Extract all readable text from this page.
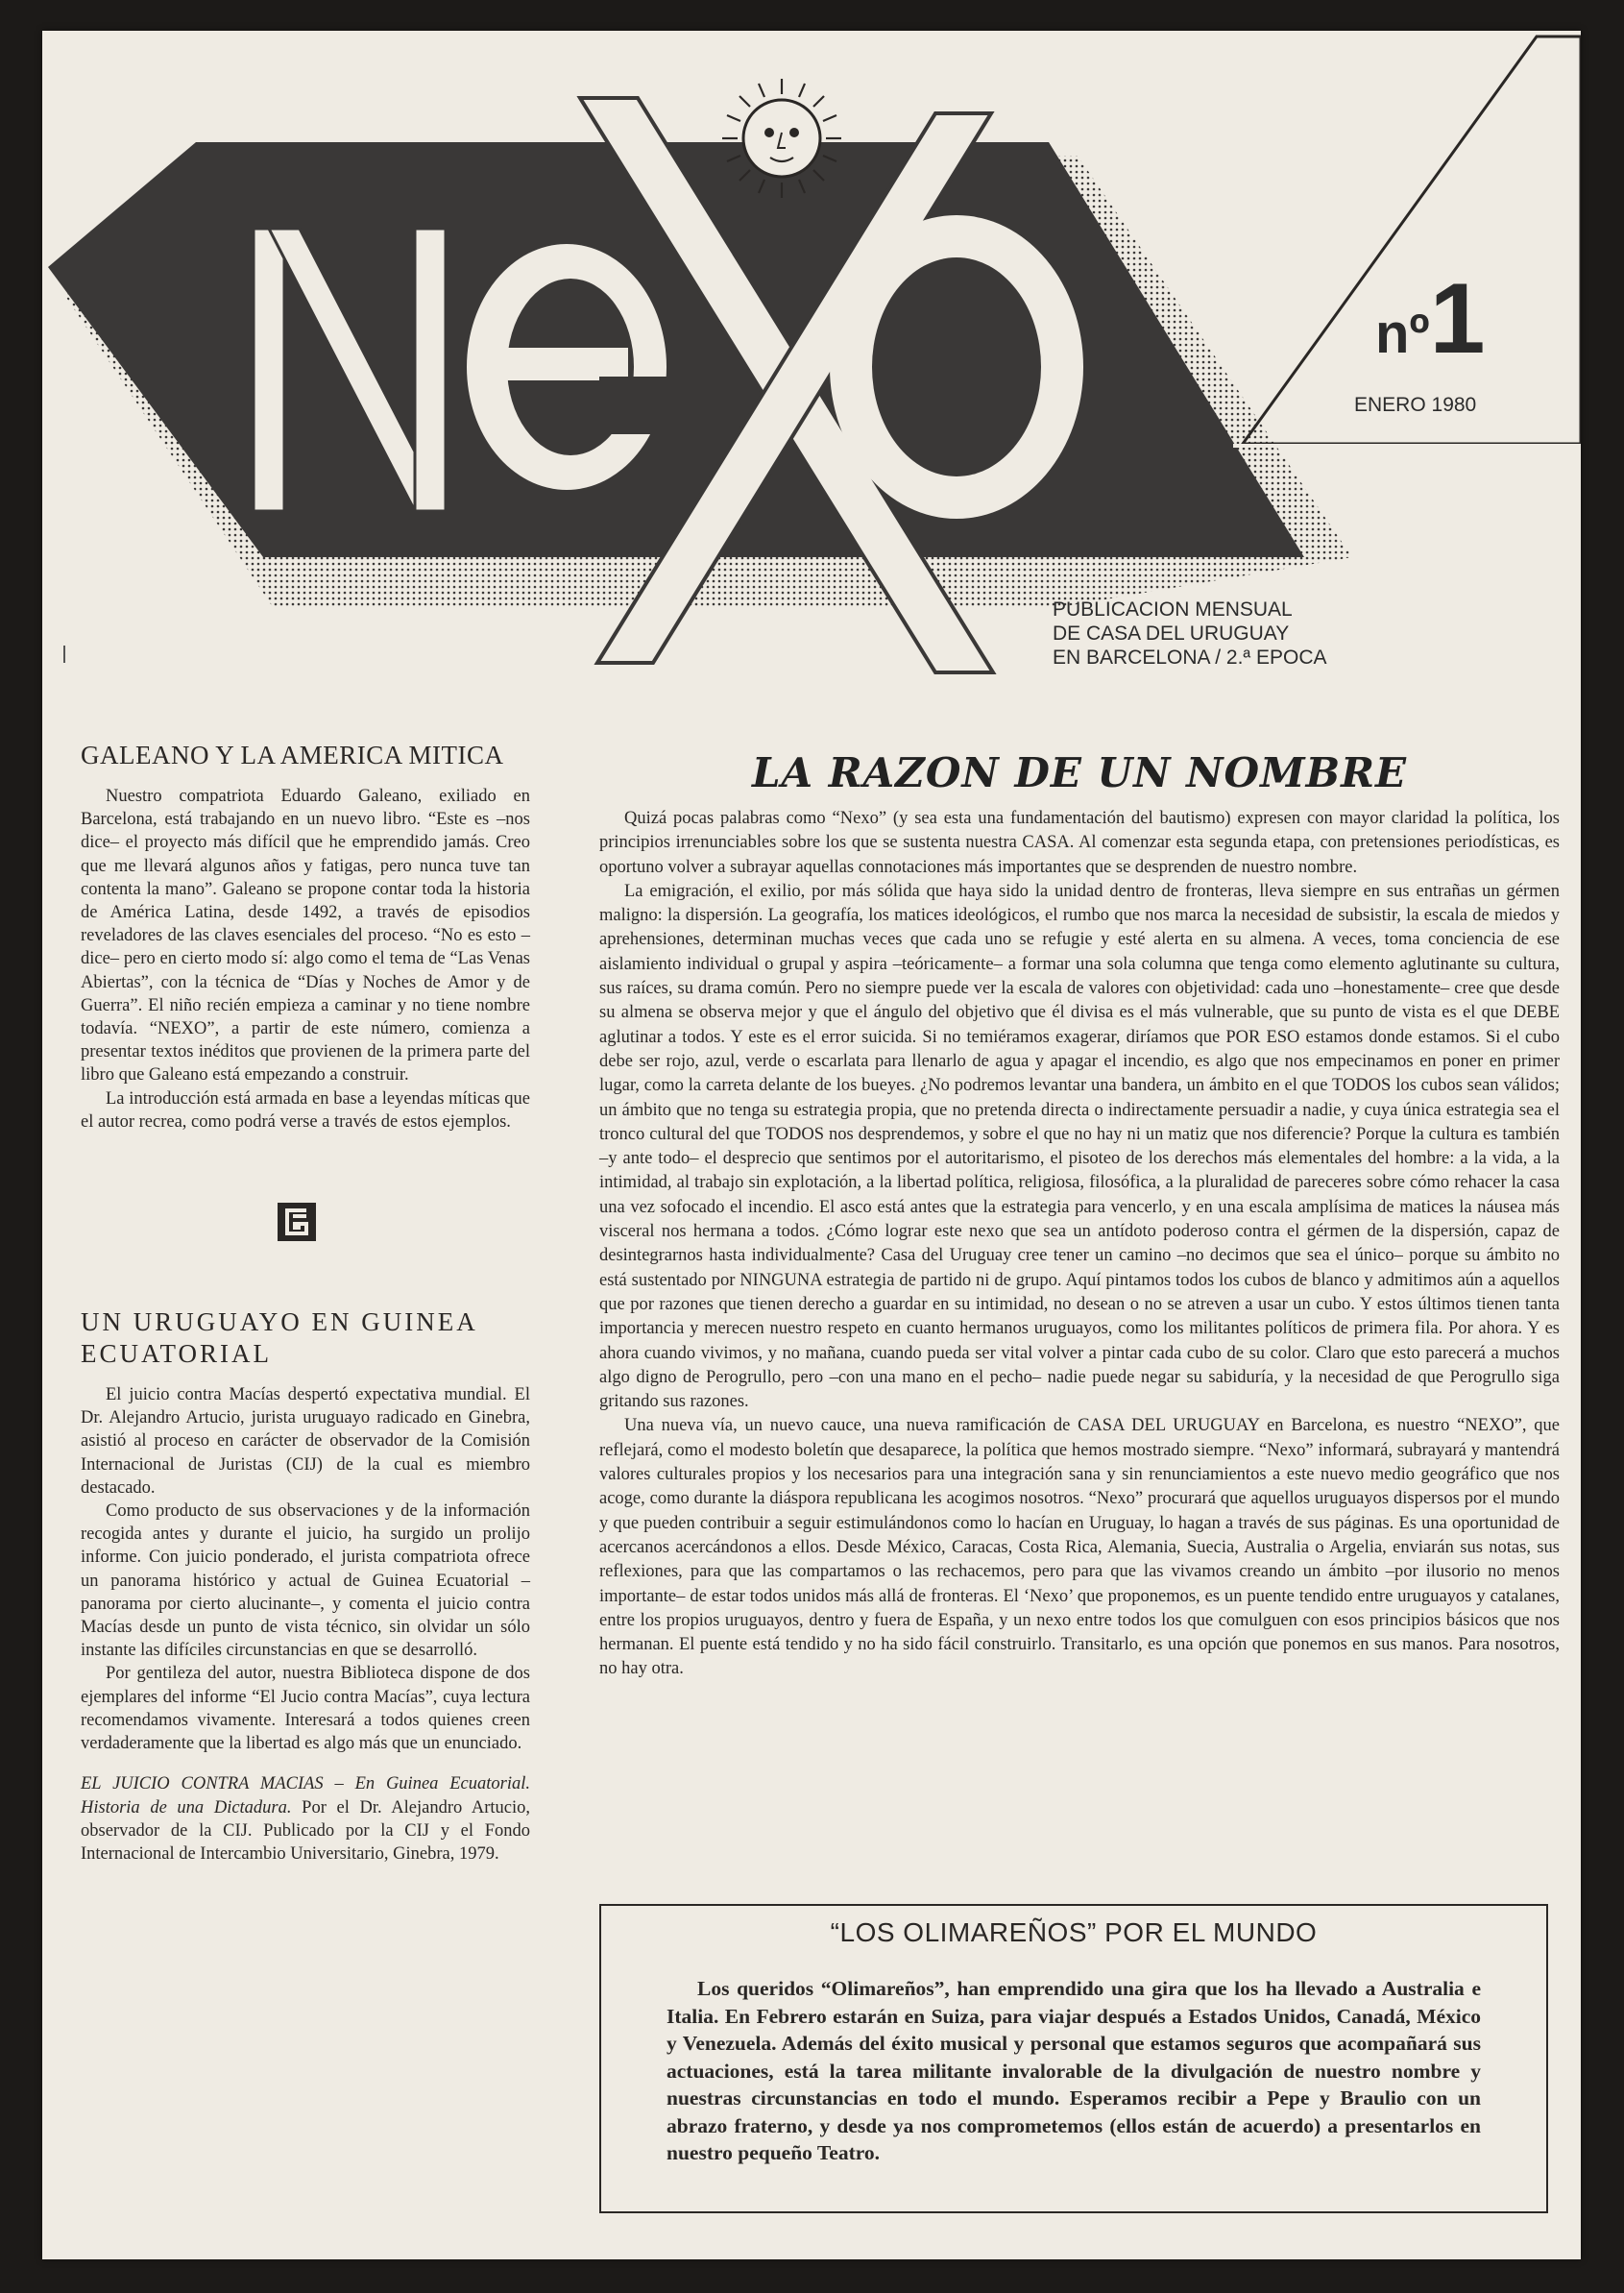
nº1
ENERO 1980
PUBLICACION MENSUAL
DE CASA DEL URUGUAY
EN BARCELONA / 2.ª EPOCA
GALEANO Y LA AMERICA MITICA

Nuestro compatriota Eduardo Galeano, exiliado en Barcelona, está trabajando en un nuevo libro. “Este es –nos dice– el proyecto más difícil que he emprendido jamás. Creo que me llevará algunos años y fatigas, pero nunca tuve tan contenta la mano”. Galeano se propone contar toda la historia de América Latina, desde 1492, a través de episodios reveladores de las claves esenciales del proceso. “No es esto –dice– pero en cierto modo sí: algo como el tema de “Las Venas Abiertas”, con la técnica de “Días y Noches de Amor y de Guerra”. El niño recién empieza a caminar y no tiene nombre todavía. “NEXO”, a partir de este número, comienza a presentar textos inéditos que provienen de la primera parte del libro que Galeano está empezando a construir.

La introducción está armada en base a leyendas míticas que el autor recrea, como podrá verse a través de estos ejemplos.

UN URUGUAYO EN GUINEA ECUATORIAL

El juicio contra Macías despertó expectativa mundial. El Dr. Alejandro Artucio, jurista uruguayo radicado en Ginebra, asistió al proceso en carácter de observador de la Comisión Internacional de Juristas (CIJ) de la cual es miembro destacado.

Como producto de sus observaciones y de la información recogida antes y durante el juicio, ha surgido un prolijo informe. Con juicio ponderado, el jurista compatriota ofrece un panorama histórico y actual de Guinea Ecuatorial –panorama por cierto alucinante–, y comenta el juicio contra Macías desde un punto de vista técnico, sin olvidar un sólo instante las difíciles circunstancias en que se desarrolló.

Por gentileza del autor, nuestra Biblioteca dispone de dos ejemplares del informe “El Jucio contra Macías”, cuya lectura recomendamos vivamente. Interesará a todos quienes creen verdaderamente que la libertad es algo más que un enunciado.

EL JUICIO CONTRA MACIAS – En Guinea Ecuatorial. Historia de una Dictadura. Por el Dr. Alejandro Artucio, observador de la CIJ. Publicado por la CIJ y el Fondo Internacional de Intercambio Universitario, Ginebra, 1979.

LA RAZON DE UN NOMBRE

Quizá pocas palabras como “Nexo” (y sea esta una fundamentación del bautismo) expresen con mayor claridad la política, los principios irrenunciables sobre los que se sustenta nuestra CASA. Al comenzar esta segunda etapa, con pretensiones periodísticas, es oportuno volver a subrayar aquellas connotaciones más importantes que se desprenden de nuestro nombre.

La emigración, el exilio, por más sólida que haya sido la unidad dentro de fronteras, lleva siempre en sus entrañas un gérmen maligno: la dispersión. La geografía, los matices ideológicos, el rumbo que nos marca la necesidad de subsistir, la escala de miedos y aprehensiones, determinan muchas veces que cada uno se refugie y esté alerta en su almena. A veces, toma conciencia de ese aislamiento individual o grupal y aspira –teóricamente– a formar una sola columna que tenga como elemento aglutinante su cultura, sus raíces, su drama común. Pero no siempre puede ver la escala de valores con objetividad: cada uno –honestamente– cree que desde su almena se observa mejor y que el ángulo del objetivo que él divisa es el más vulnerable, que su punto de vista es el que DEBE aglutinar a todos. Y este es el error suicida. Si no temiéramos exagerar, diríamos que POR ESO estamos donde estamos. Si el cubo debe ser rojo, azul, verde o escarlata para llenarlo de agua y apagar el incendio, es algo que nos empecinamos en poner en primer lugar, como la carreta delante de los bueyes. ¿No podremos levantar una bandera, un ámbito en el que TODOS los cubos sean válidos; un ámbito que no tenga su estrategia propia, que no pretenda directa o indirectamente persuadir a nadie, y cuya única estrategia sea el tronco cultural del que TODOS nos desprendemos, y sobre el que no hay ni un matiz que nos diferencie? Porque la cultura es también –y ante todo– el desprecio que sentimos por el autoritarismo, el pisoteo de los derechos más elementales del hombre: a la vida, a la intimidad, al trabajo sin explotación, a la libertad política, religiosa, filosófica, a la pluralidad de pareceres sobre cómo rehacer la casa una vez sofocado el incendio. El asco está antes que la estrategia para vencerlo, y en una escala amplísima de matices la náusea más visceral nos hermana a todos. ¿Cómo lograr este nexo que sea un antídoto poderoso contra el gérmen de la dispersión, capaz de desintegrarnos hasta individualmente? Casa del Uruguay cree tener un camino –no decimos que sea el único– porque su ámbito no está sustentado por NINGUNA estrategia de partido ni de grupo. Aquí pintamos todos los cubos de blanco y admitimos aún a aquellos que por razones que tienen derecho a guardar en su intimidad, no desean o no se atreven a usar un cubo. Y estos últimos tienen tanta importancia y merecen nuestro respeto en cuanto hermanos uruguayos, como los militantes políticos de primera fila. Por ahora. Y es ahora cuando vivimos, y no mañana, cuando pueda ser vital volver a pintar cada cubo de su color. Claro que esto parecerá a muchos algo digno de Perogrullo, pero –con una mano en el pecho– nadie puede negar su sabiduría, y la necesidad de que Perogrullo siga gritando sus razones.

Una nueva vía, un nuevo cauce, una nueva ramificación de CASA DEL URUGUAY en Barcelona, es nuestro “NEXO”, que reflejará, como el modesto boletín que desaparece, la política que hemos mostrado siempre. “Nexo” informará, subrayará y mantendrá valores culturales propios y los necesarios para una integración sana y sin renunciamientos a este nuevo medio geográfico que nos acoge, como durante la diáspora republicana les acogimos nosotros. “Nexo” procurará que aquellos uruguayos dispersos por el mundo y que pueden contribuir a seguir estimulándonos como lo hacían en Uruguay, lo hagan a través de sus páginas. Es una oportunidad de acercanos acercándonos a ellos. Desde México, Caracas, Costa Rica, Alemania, Suecia, Australia o Argelia, enviarán sus notas, sus reflexiones, para que las compartamos o las rechacemos, pero para que las vivamos creando un ámbito –por ilusorio no menos importante– de estar todos unidos más allá de fronteras. El ‘Nexo’ que proponemos, es un puente tendido entre uruguayos y catalanes, entre los propios uruguayos, dentro y fuera de España, y un nexo entre todos los que comulguen con esos principios básicos que nos hermanan. El puente está tendido y no ha sido fácil construirlo. Transitarlo, es una opción que ponemos en sus manos. Para nosotros, no hay otra.

“LOS OLIMAREÑOS” POR EL MUNDO

Los queridos “Olimareños”, han emprendido una gira que los ha llevado a Australia e Italia. En Febrero estarán en Suiza, para viajar después a Estados Unidos, Canadá, México y Venezuela. Además del éxito musical y personal que estamos seguros que acompañará sus actuaciones, está la tarea militante invalorable de la divulgación de nuestro nombre y nuestras circunstancias en todo el mundo. Esperamos recibir a Pepe y Braulio con un abrazo fraterno, y desde ya nos comprometemos (ellos están de acuerdo) a presentarlos en nuestro pequeño Teatro.
